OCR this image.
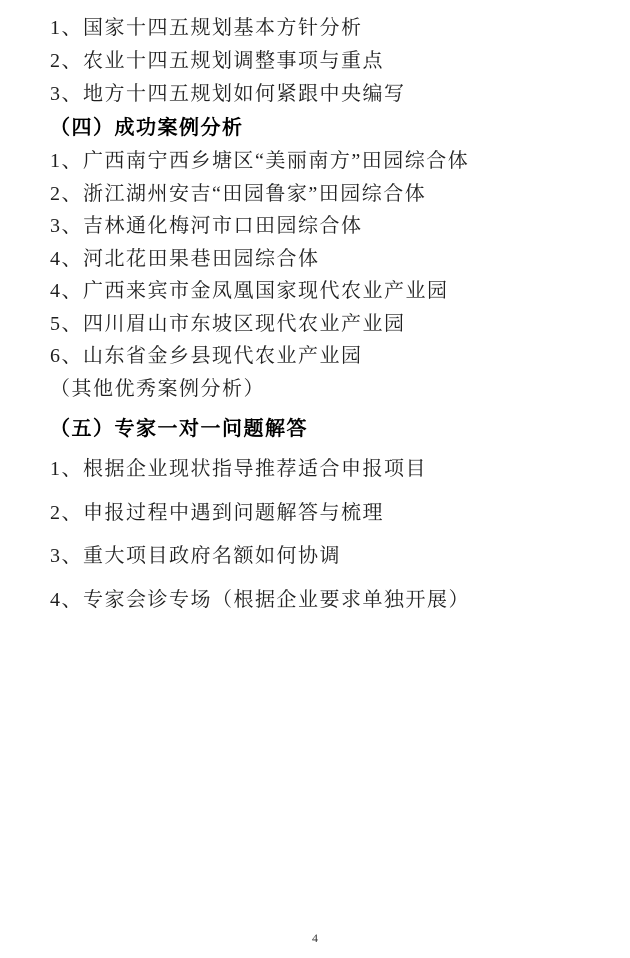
1、国家十四五规划基本方针分析

2、农业十四五规划调整事项与重点

3、地方十四五规划如何紧跟中央编写

（四）成功案例分析

1、广西南宁西乡塘区“美丽南方”田园综合体

2、浙江湖州安吉“田园鲁家”田园综合体

3、吉林通化梅河市口田园综合体

4、河北花田果巷田园综合体

4、广西来宾市金凤凰国家现代农业产业园

5、四川眉山市东坡区现代农业产业园

6、山东省金乡县现代农业产业园

（其他优秀案例分析）

（五）专家一对一问题解答

1、根据企业现状指导推荐适合申报项目

2、申报过程中遇到问题解答与梳理

3、重大项目政府名额如何协调

4、专家会诊专场（根据企业要求单独开展）

4
